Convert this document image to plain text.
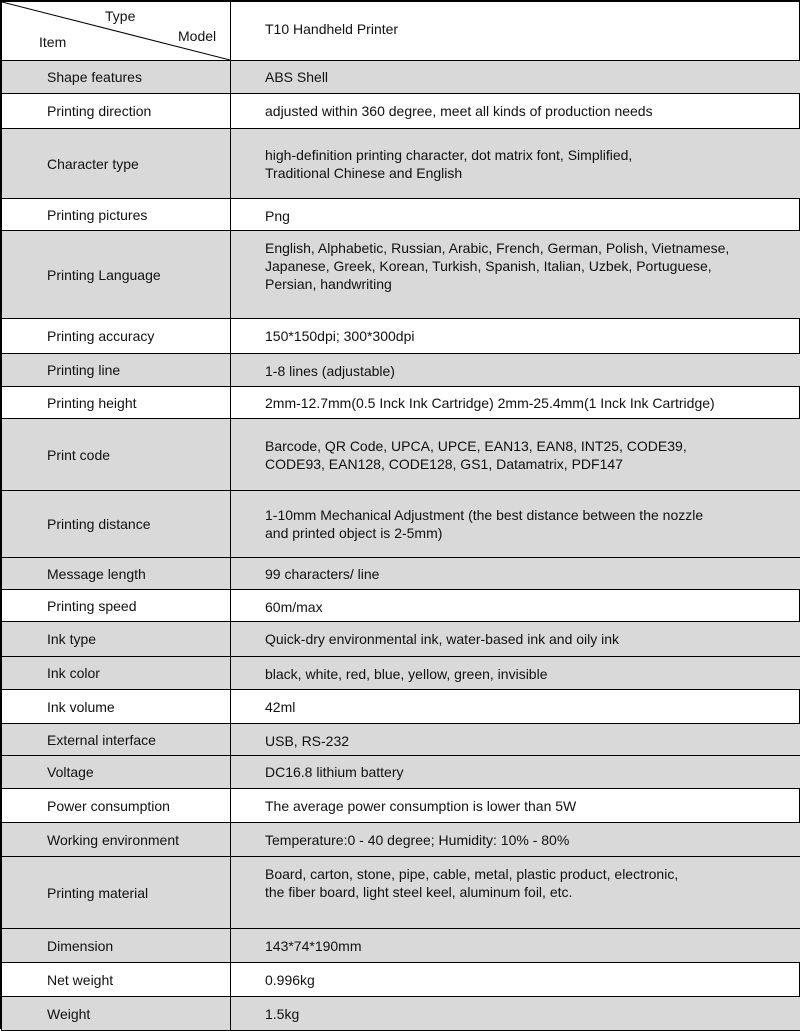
Type
Model
Item	T10 Handheld Printer
Shape features	ABS Shell

Printing direction	adjusted within 360 degree, meet all kinds of production needs

Character type	high-definition printing character, dot matrix font, Simplified,
Traditional Chinese and English

Printing pictures	Png

Printing Language	English, Alphabetic, Russian, Arabic, French, German, Polish, Vietnamese,
Japanese, Greek, Korean, Turkish, Spanish, Italian, Uzbek, Portuguese,
Persian, handwriting

Printing accuracy	150*150dpi; 300*300dpi

Printing line	1-8 lines (adjustable)

Printing height	2mm-12.7mm(0.5 Inck Ink Cartridge) 2mm-25.4mm(1 Inck Ink Cartridge)

Print code	Barcode, QR Code, UPCA, UPCE, EAN13, EAN8, INT25, CODE39,
CODE93, EAN128, CODE128, GS1, Datamatrix, PDF147

Printing distance	1-10mm Mechanical Adjustment (the best distance between the nozzle
and printed object is 2-5mm)

Message length	99 characters/ line

Printing speed	60m/max

Ink type	Quick-dry environmental ink, water-based ink and oily ink

Ink color	black, white, red, blue, yellow, green, invisible

Ink volume	42ml

External interface	USB, RS-232

Voltage	DC16.8 lithium battery

Power consumption	The average power consumption is lower than 5W

Working environment	Temperature:0 - 40 degree; Humidity: 10% - 80%

Printing material	Board, carton, stone, pipe, cable, metal, plastic product, electronic,
the fiber board, light steel keel, aluminum foil, etc.

Dimension	143*74*190mm

Net weight	0.996kg

Weight	1.5kg
